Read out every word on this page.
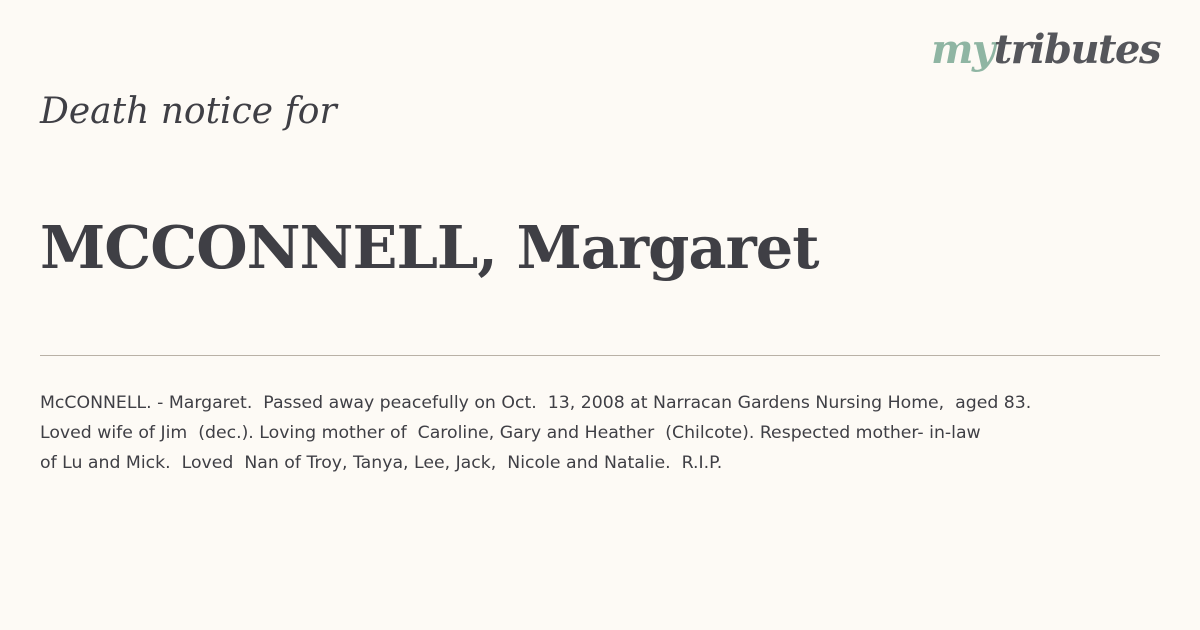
mytributes
Death notice for
MCCONNELL, Margaret

McCONNELL. - Margaret.  Passed away peacefully on Oct.  13, 2008 at Narracan Gardens Nursing Home,  aged 83.
Loved wife of Jim  (dec.). Loving mother of  Caroline, Gary and Heather  (Chilcote). Respected mother- in-law
of Lu and Mick.  Loved  Nan of Troy, Tanya, Lee, Jack,  Nicole and Natalie.  R.I.P.
